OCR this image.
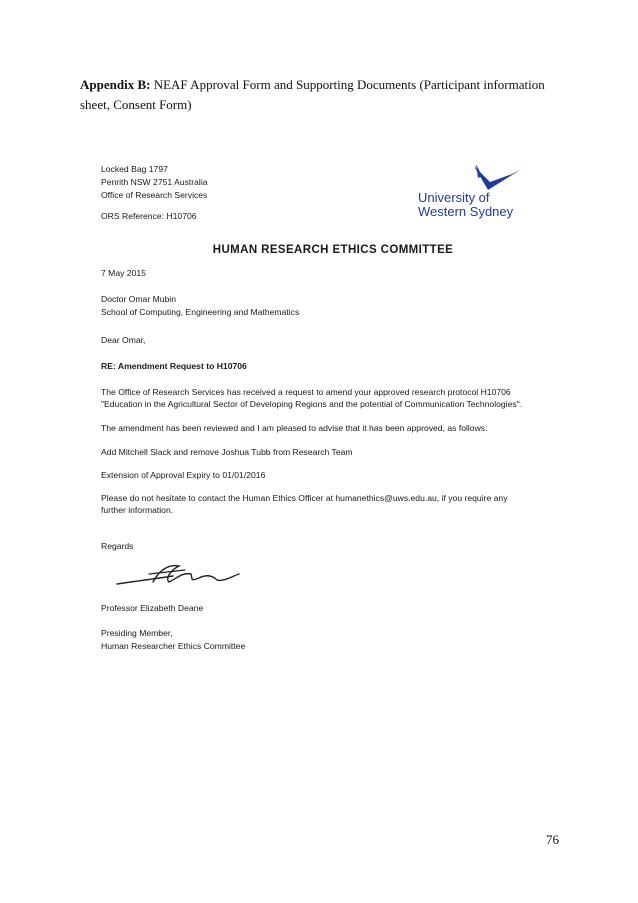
Appendix B: NEAF Approval Form and Supporting Documents (Participant information
sheet, Consent Form)
Locked Bag 1797
Penrith NSW 2751 Australia
Office of Research Services
ORS Reference: H10706
University of
Western Sydney
HUMAN RESEARCH ETHICS COMMITTEE
7 May 2015
Doctor Omar Mubin
School of Computing, Engineering and Mathematics
Dear Omar,
RE: Amendment Request to H10706
The Office of Research Services has received a request to amend your approved research protocol H10706
"Education in the Agricultural Sector of Developing Regions and the potential of Communication Technologies".
The amendment has been reviewed and I am pleased to advise that it has been approved, as follows:
Add Mitchell Slack and remove Joshua Tubb from Research Team
Extension of Approval Expiry to 01/01/2016
Please do not hesitate to contact the Human Ethics Officer at humanethics@uws.edu.au, if you require any
further information.
Regards
Professor Elizabeth Deane
Presiding Member,
Human Researcher Ethics Committee
76
